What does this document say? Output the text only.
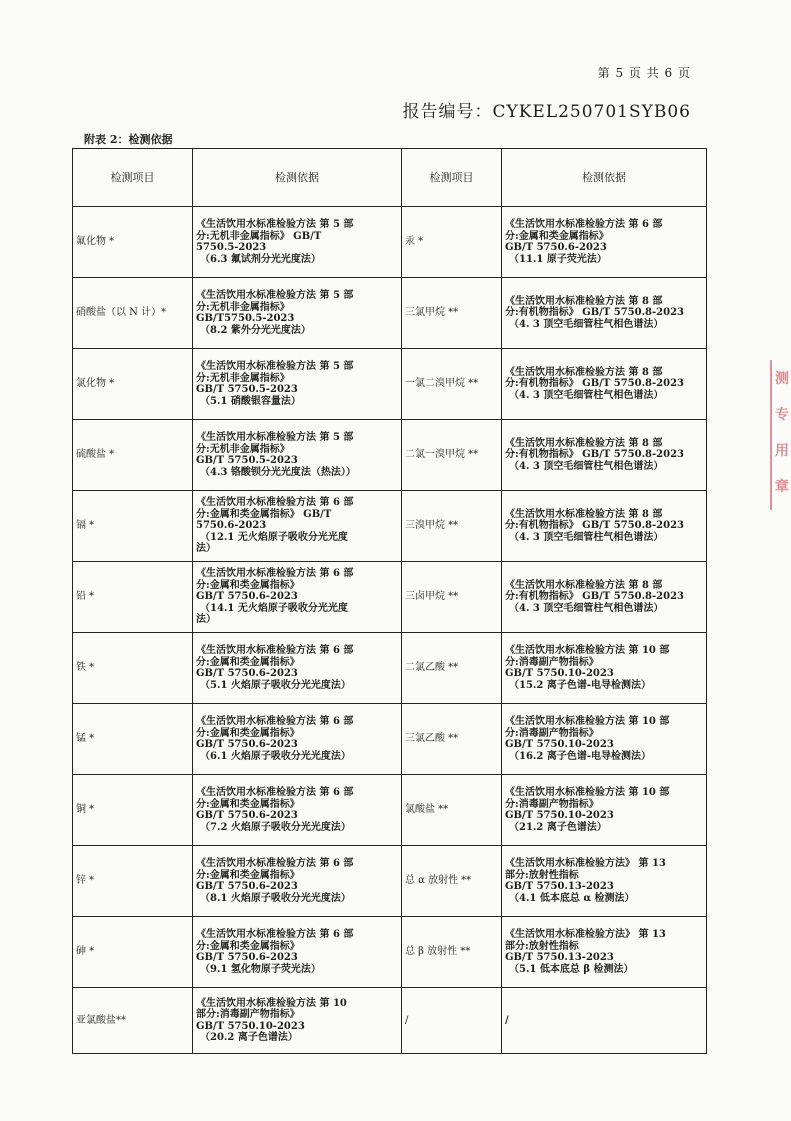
第 5 页 共 6 页
报告编号：CYKEL250701SYB06
附表 2：检测依据
检测项目	检测依据	检测项目	检测依据
氟化物 *	《生活饮用水标准检验方法 第 5 部
分:无机非金属指标》 GB/T
5750.5-2023
（6.3 氟试剂分光光度法）	汞 *	《生活饮用水标准检验方法 第 6 部
分:金属和类金属指标》
GB/T 5750.6-2023
（11.1 原子荧光法）

硝酸盐（以 N 计）*	《生活饮用水标准检验方法 第 5 部
分:无机非金属指标》
GB/T5750.5-2023
（8.2 紫外分光光度法）	三氯甲烷 **	《生活饮用水标准检验方法 第 8 部
分:有机物指标》 GB/T 5750.8-2023
（4. 3 顶空毛细管柱气相色谱法）

氯化物 *	《生活饮用水标准检验方法 第 5 部
分:无机非金属指标》
GB/T 5750.5-2023
（5.1 硝酸银容量法）	一氯二溴甲烷 **	《生活饮用水标准检验方法 第 8 部
分:有机物指标》 GB/T 5750.8-2023
（4. 3 顶空毛细管柱气相色谱法）

硫酸盐 *	《生活饮用水标准检验方法 第 5 部
分:无机非金属指标》
GB/T 5750.5-2023
（4.3 铬酸钡分光光度法（热法））	二氯一溴甲烷 **	《生活饮用水标准检验方法 第 8 部
分:有机物指标》 GB/T 5750.8-2023
（4. 3 顶空毛细管柱气相色谱法）

镉 *	《生活饮用水标准检验方法 第 6 部
分:金属和类金属指标》 GB/T
5750.6-2023
（12.1 无火焰原子吸收分光光度
法）	三溴甲烷 **	《生活饮用水标准检验方法 第 8 部
分:有机物指标》 GB/T 5750.8-2023
（4. 3 顶空毛细管柱气相色谱法）

铅 *	《生活饮用水标准检验方法 第 6 部
分:金属和类金属指标》
GB/T 5750.6-2023
（14.1 无火焰原子吸收分光光度
法）	三卤甲烷 **	《生活饮用水标准检验方法 第 8 部
分:有机物指标》 GB/T 5750.8-2023
（4. 3 顶空毛细管柱气相色谱法）

铁 *	《生活饮用水标准检验方法 第 6 部
分:金属和类金属指标》
GB/T 5750.6-2023
（5.1 火焰原子吸收分光光度法）	二氯乙酸 **	《生活饮用水标准检验方法 第 10 部
分:消毒副产物指标》
GB/T 5750.10-2023
（15.2 离子色谱-电导检测法）

锰 *	《生活饮用水标准检验方法 第 6 部
分:金属和类金属指标》
GB/T 5750.6-2023
（6.1 火焰原子吸收分光光度法）	三氯乙酸 **	《生活饮用水标准检验方法 第 10 部
分:消毒副产物指标》
GB/T 5750.10-2023
（16.2 离子色谱-电导检测法）

铜 *	《生活饮用水标准检验方法 第 6 部
分:金属和类金属指标》
GB/T 5750.6-2023
（7.2 火焰原子吸收分光光度法）	氯酸盐 **	《生活饮用水标准检验方法 第 10 部
分:消毒副产物指标》
GB/T 5750.10-2023
（21.2 离子色谱法）

锌 *	《生活饮用水标准检验方法 第 6 部
分:金属和类金属指标》
GB/T 5750.6-2023
（8.1 火焰原子吸收分光光度法）	总 α 放射性 **	《生活饮用水标准检验方法》 第 13
部分:放射性指标
GB/T 5750.13-2023
（4.1 低本底总 α 检测法）

砷 *	《生活饮用水标准检验方法 第 6 部
分:金属和类金属指标》
GB/T 5750.6-2023
（9.1 氢化物原子荧光法）	总 β 放射性 **	《生活饮用水标准检验方法》 第 13
部分:放射性指标
GB/T 5750.13-2023
（5.1 低本底总 β 检测法）

亚氯酸盐**	《生活饮用水标准检验方法 第 10
部分:消毒副产物指标》
GB/T 5750.10-2023
（20.2 离子色谱法）	/	/
测
专
用
章
